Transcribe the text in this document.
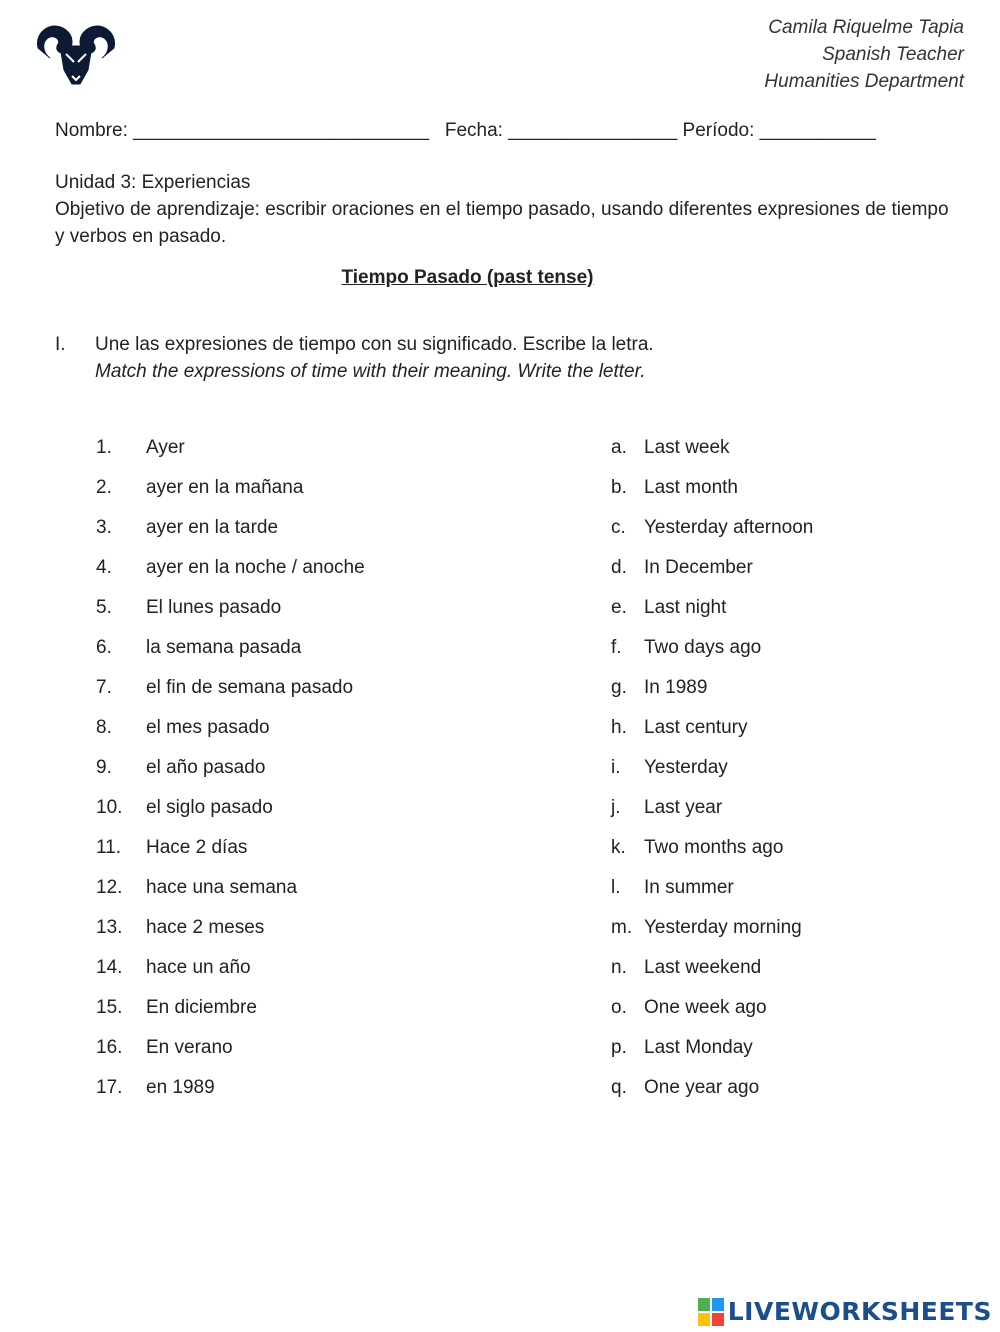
Camila Riquelme Tapia
Spanish Teacher
Humanities Department
Nombre: ____________________________   Fecha: ________________ Período: ___________
Unidad 3: Experiencias
Objetivo de aprendizaje: escribir oraciones en el tiempo pasado, usando diferentes expresiones de tiempo y verbos en pasado.
Tiempo Pasado (past tense)
I. Une las expresiones de tiempo con su significado. Escribe la letra.
Match the expressions of time with their meaning. Write the letter.
1.	Ayer
2.	ayer en la mañana
3.	ayer en la tarde
4.	ayer en la noche / anoche
5.	El lunes pasado
6.	la semana pasada
7.	el fin de semana pasado
8.	el mes pasado
9.	el año pasado
10.	el siglo pasado
11.	Hace 2 días
12.	hace una semana
13.	hace 2 meses
14.	hace un año
15.	En diciembre
16.	En verano
17.	en 1989
a. Last week
b. Last month
c. Yesterday afternoon
d. In December
e. Last night
f.	Two days ago
g. In 1989
h. Last century
i.	Yesterday
j.	Last year
k. Two months ago
l.	In summer
m. Yesterday morning
n. Last weekend
o. One week ago
p. Last Monday
q. One year ago
LIVEWORKSHEETS
